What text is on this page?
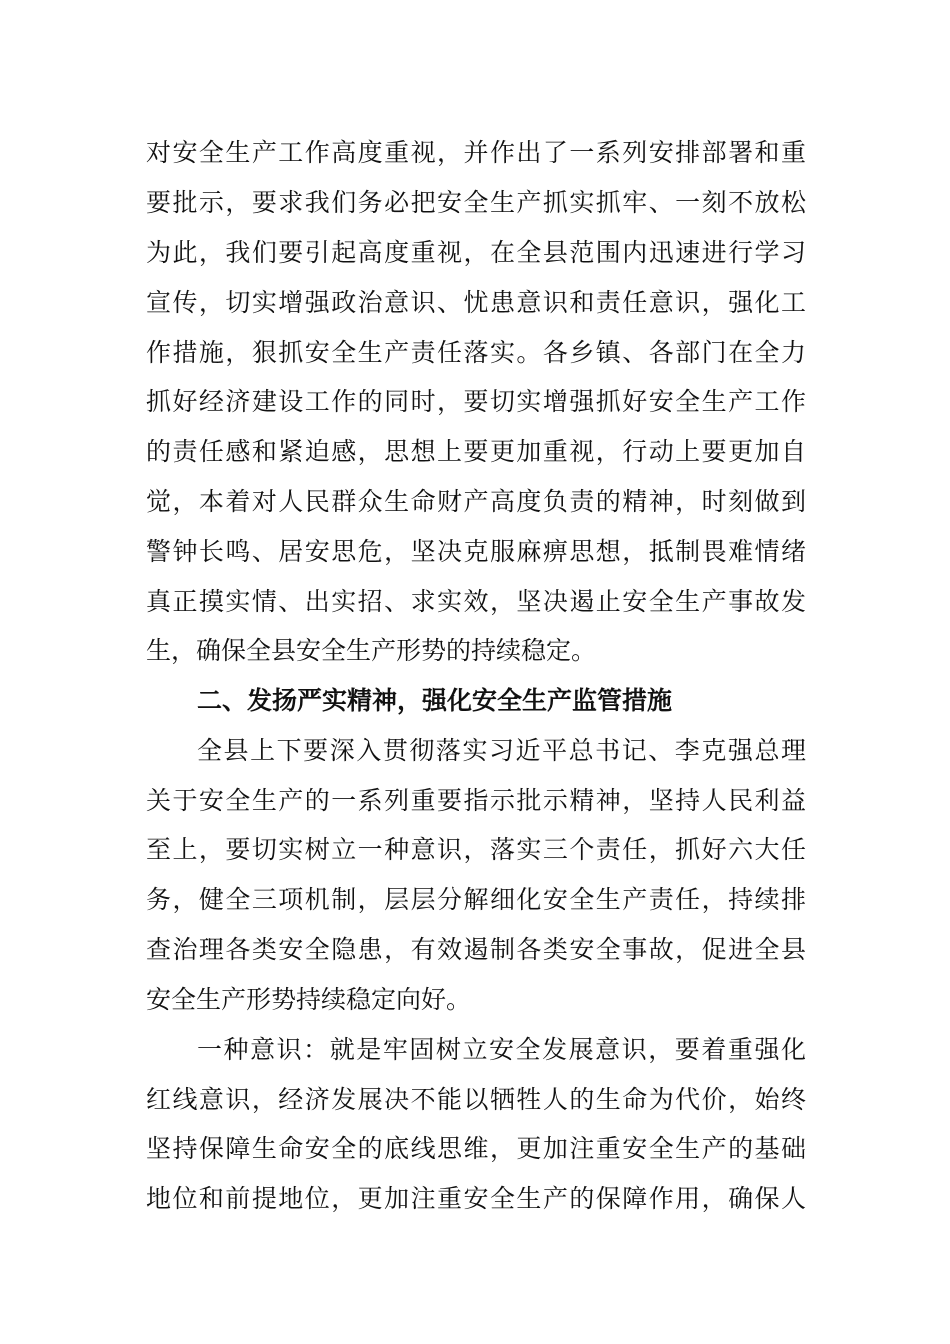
对安全生产工作高度重视，并作出了一系列安排部署和重
要批示，要求我们务必把安全生产抓实抓牢、一刻不放松
为此，我们要引起高度重视，在全县范围内迅速进行学习
宣传，切实增强政治意识、忧患意识和责任意识，强化工
作措施，狠抓安全生产责任落实。各乡镇、各部门在全力
抓好经济建设工作的同时，要切实增强抓好安全生产工作
的责任感和紧迫感，思想上要更加重视，行动上要更加自
觉，本着对人民群众生命财产高度负责的精神，时刻做到
警钟长鸣、居安思危，坚决克服麻痹思想，抵制畏难情绪
真正摸实情、出实招、求实效，坚决遏止安全生产事故发
生，确保全县安全生产形势的持续稳定。
二、发扬严实精神，强化安全生产监管措施
全县上下要深入贯彻落实习近平总书记、李克强总理
关于安全生产的一系列重要指示批示精神，坚持人民利益
至上，要切实树立一种意识，落实三个责任，抓好六大任
务，健全三项机制，层层分解细化安全生产责任，持续排
查治理各类安全隐患，有效遏制各类安全事故，促进全县
安全生产形势持续稳定向好。
一种意识：就是牢固树立安全发展意识，要着重强化
红线意识，经济发展决不能以牺牲人的生命为代价，始终
坚持保障生命安全的底线思维，更加注重安全生产的基础
地位和前提地位，更加注重安全生产的保障作用，确保人
